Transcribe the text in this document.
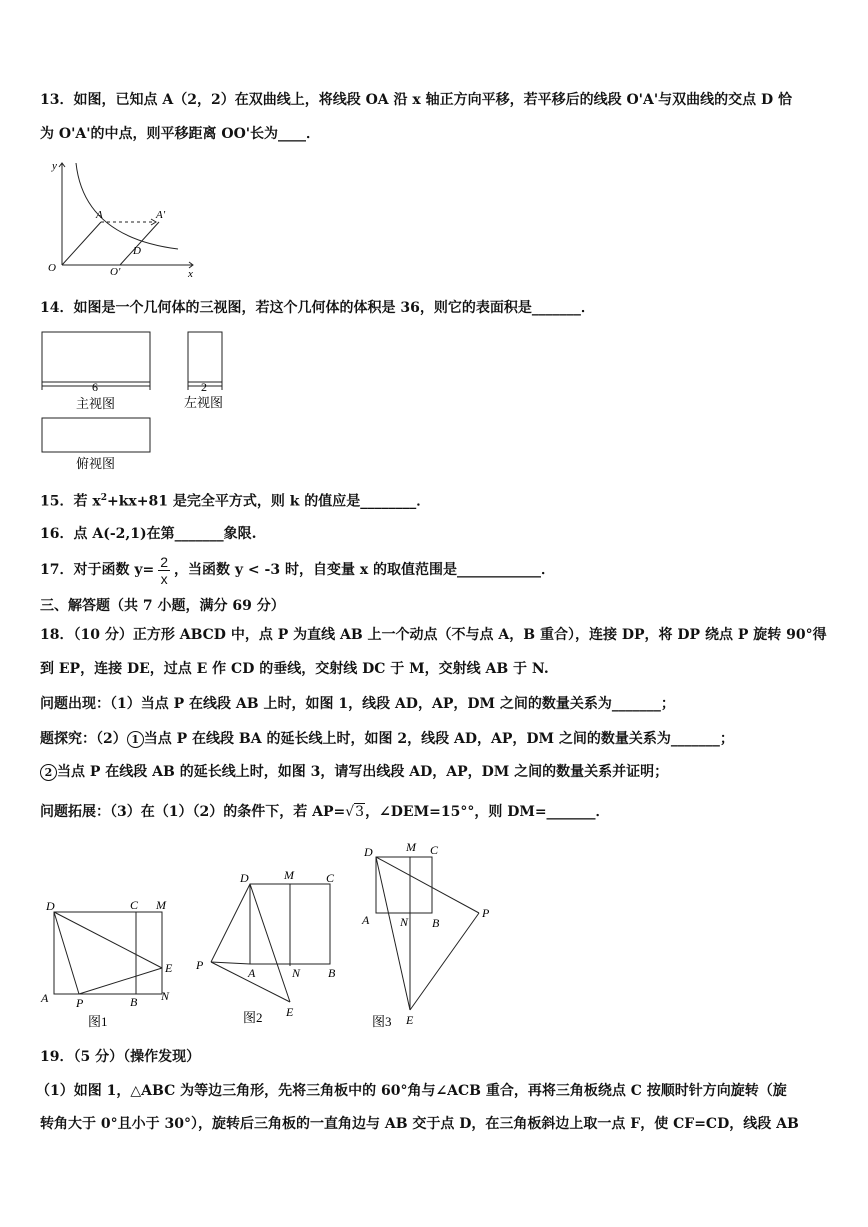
13．如图，已知点 A（2，2）在双曲线上，将线段 OA 沿 x 轴正方向平移，若平移后的线段 O'A'与双曲线的交点 D 恰
为 O'A'的中点，则平移距离 OO'长为____．
y
x
O	O'
A	A'
D
14．如图是一个几何体的三视图，若这个几何体的体积是 36，则它的表面积是_______．
6
主视图
2
左视图
俯视图
15．若 $x^2+kx+81$ 是完全平方式，则 k 的值应是________．
16．点 A(-2,1)在第_______象限.
17．对于函数 $y= \frac{2}{x}$ ，当函数 y < -3 时，自变量 x 的取值范围是____________．
三、解答题（共 7 小题，满分 69 分）
18．（10 分）正方形 ABCD 中，点 P 为直线 AB 上一个动点（不与点 A，B 重合），连接 DP，将 DP 绕点 P 旋转 90°得
到 EP，连接 DE，过点 E 作 CD 的垂线，交射线 DC 于 M，交射线 AB 于 N.
问题出现：（1）当点 P 在线段 AB 上时，如图 1，线段 AD，AP，DM 之间的数量关系为_______；
题探究：（2） 1 当点 P 在线段 BA 的延长线上时，如图 2，线段 AD，AP，DM 之间的数量关系为_______；
2 当点 P 在线段 AB 的延长线上时，如图 3，请写出线段 AD，AP，DM 之间的数量关系并证明；
问题拓展：（3）在（1）（2）的条件下，若 AP=√3，∠DEM=15°°，则 DM=_______．
D	C M
E
A P	B N
图1
D	M	C
P
A	N B
E
图2
D	M C
A	N B
P
E
图3
19．（5 分）（操作发现）
（1）如图 1，△ABC 为等边三角形，先将三角板中的 60°角与∠ACB 重合，再将三角板绕点 C 按顺时针方向旋转（旋
转角大于 0°且小于 30°），旋转后三角板的一直角边与 AB 交于点 D，在三角板斜边上取一点 F，使 CF=CD，线段 AB
